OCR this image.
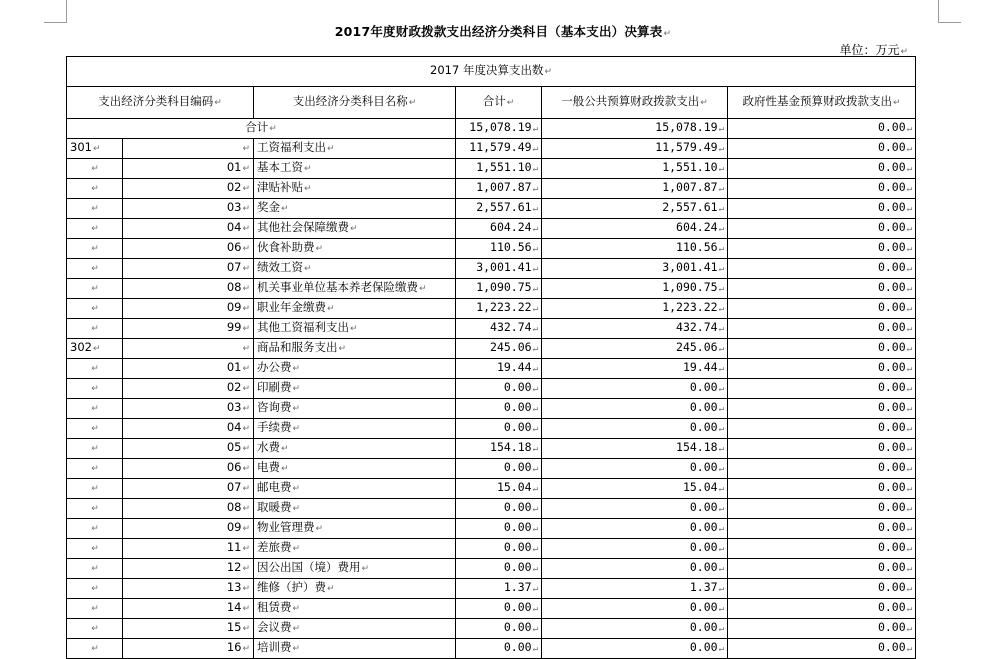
2017年度财政拨款支出经济分类科目（基本支出）决算表↵
单位：万元↵
2017 年度决算支出数↵					
支出经济分类科目编码↵		支出经济分类科目名称↵	合计↵	一般公共预算财政拨款支出↵	政府性基金预算财政拨款支出↵
合计↵			15,078.19↵	15,078.19↵	0.00↵
301↵	↵	工资福利支出↵	11,579.49↵	11,579.49↵	0.00↵
↵	01↵	基本工资↵	1,551.10↵	1,551.10↵	0.00↵
↵	02↵	津贴补贴↵	1,007.87↵	1,007.87↵	0.00↵
↵	03↵	奖金↵	2,557.61↵	2,557.61↵	0.00↵
↵	04↵	其他社会保障缴费↵	604.24↵	604.24↵	0.00↵
↵	06↵	伙食补助费↵	110.56↵	110.56↵	0.00↵
↵	07↵	绩效工资↵	3,001.41↵	3,001.41↵	0.00↵
↵	08↵	机关事业单位基本养老保险缴费↵	1,090.75↵	1,090.75↵	0.00↵
↵	09↵	职业年金缴费↵	1,223.22↵	1,223.22↵	0.00↵
↵	99↵	其他工资福利支出↵	432.74↵	432.74↵	0.00↵
302↵	↵	商品和服务支出↵	245.06↵	245.06↵	0.00↵
↵	01↵	办公费↵	19.44↵	19.44↵	0.00↵
↵	02↵	印刷费↵	0.00↵	0.00↵	0.00↵
↵	03↵	咨询费↵	0.00↵	0.00↵	0.00↵
↵	04↵	手续费↵	0.00↵	0.00↵	0.00↵
↵	05↵	水费↵	154.18↵	154.18↵	0.00↵
↵	06↵	电费↵	0.00↵	0.00↵	0.00↵
↵	07↵	邮电费↵	15.04↵	15.04↵	0.00↵
↵	08↵	取暖费↵	0.00↵	0.00↵	0.00↵
↵	09↵	物业管理费↵	0.00↵	0.00↵	0.00↵
↵	11↵	差旅费↵	0.00↵	0.00↵	0.00↵
↵	12↵	因公出国（境）费用↵	0.00↵	0.00↵	0.00↵
↵	13↵	维修（护）费↵	1.37↵	1.37↵	0.00↵
↵	14↵	租赁费↵	0.00↵	0.00↵	0.00↵
↵	15↵	会议费↵	0.00↵	0.00↵	0.00↵
↵	16↵	培训费↵	0.00↵	0.00↵	0.00↵
